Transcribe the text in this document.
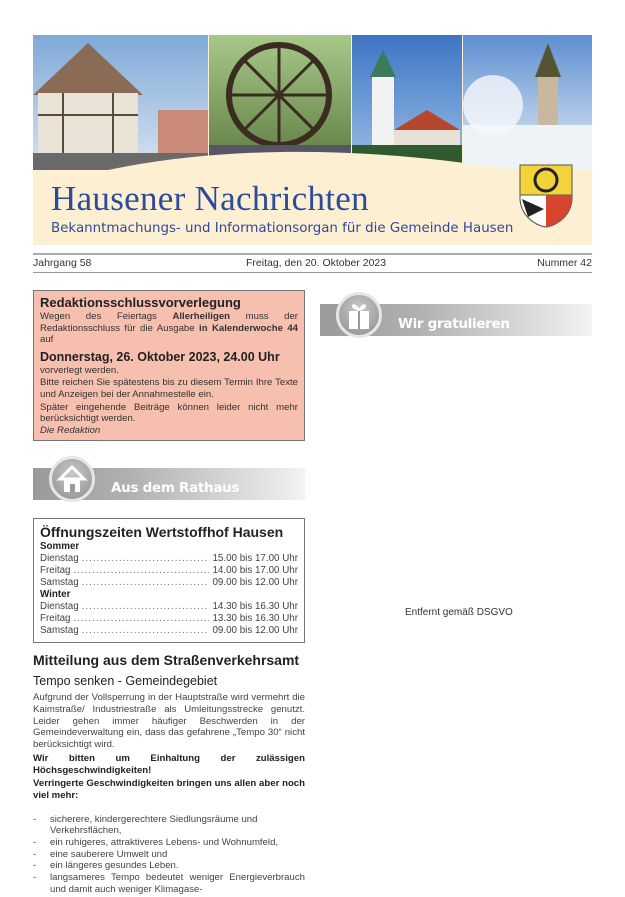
Hausener Nachrichten
Bekanntmachungs- und Informationsorgan für die Gemeinde Hausen
Jahrgang 58	Freitag, den 20. Oktober 2023	Nummer 42
Redaktionsschlussvorverlegung

Wegen des Feiertags Allerheiligen muss der Redaktionsschluss für die Ausgabe in Kalenderwoche 44 auf

Donnerstag, 26. Oktober 2023, 24.00 Uhr

vorverlegt werden.

Bitte reichen Sie spätestens bis zu diesem Termin Ihre Texte und Anzeigen bei der Annahmestelle ein.

Später eingehende Beiträge können leider nicht mehr berücksichtigt werden.

Die Redaktion

Aus dem Rathaus
Öffnungszeiten Wertstoffhof Hausen
Sommer
Dienstag .....	15.00 bis 17.00 Uhr
Freitag .....	14.00 bis 17.00 Uhr
Samstag .....	09.00 bis 12.00 Uhr
Winter
Dienstag .....	14.30 bis 16.30 Uhr
Freitag .....	13.30 bis 16.30 Uhr
Samstag .....	09.00 bis 12.00 Uhr
Mitteilung aus dem Straßenverkehrsamt
Tempo senken - Gemeindegebiet

Aufgrund der Vollsperrung in der Hauptstraße wird vermehrt die Kaimstraße/ Industriestraße als Umleitungsstrecke genutzt. Leider gehen immer häufiger Beschwerden in der Gemeindeverwaltung ein, dass das gefahrene „Tempo 30“ nicht berücksichtigt wird.

Wir bitten um Einhaltung der zulässigen Höchsgeschwindigkeiten!

Verringerte Geschwindigkeiten bringen uns allen aber noch viel mehr:

- sicherere, kindergerechtere Siedlungsräume und Verkehrsflächen,
- ein ruhigeres, attraktiveres Lebens- und Wohnumfeld,
- eine sauberere Umwelt und
- ein längeres gesundes Leben.
- langsameres Tempo bedeutet weniger Energieverbrauch und damit auch weniger Klimagase-
Wir gratulieren
Entfernt gemäß DSGVO
